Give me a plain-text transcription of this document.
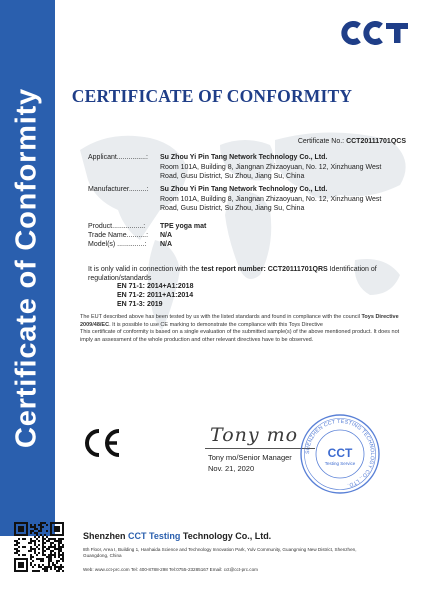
Certificate of Conformity	CERTIFICATE OF CONFORMITY
Certificate No.: CCT20111701QCS
Applicant...............:	Su Zhou Yi Pin Tang Network Technology Co., Ltd.
Room 101A, Building 8, Jiangnan Zhizaoyuan, No. 12, Xinzhuang West
Road, Gusu District, Su Zhou, Jiang Su, China
Manufacturer.........:	Su Zhou Yi Pin Tang Network Technology Co., Ltd.
Room 101A, Building 8, Jiangnan Zhizaoyuan, No. 12, Xinzhuang West
Road, Gusu District, Su Zhou, Jiang Su, China
Product................:	TPE yoga mat
Trade Name..........:	N/A
Model(s) ..............:	N/A
It is only valid in connection with the test report number: CCT20111701QRS Identification of regulation/standards
EN 71-1: 2014+A1:2018
EN 71-2: 2011+A1:2014
EN 71-3: 2019
The EUT described above has been tested by us with the listed standards and found in compliance with the council Toys Directive 2009/48/EC. It is possible to use CE marking to demonstrate the compliance with this Toys Directive
This certificate of conformity is based on a single evaluation of the submitted sample(s) of the above mentioned product. It does not imply an assessment of the whole production and other relevant directives have to be observed.
Tony mo
Tony mo/Senior Manager
Nov. 21, 2020
SHENZHEN CCT TESTING TECHNOLOGY CO., LTD.
CCT
Testing Service
Shenzhen CCT Testing Technology Co., Ltd.
8th Floor, Area I, Building 1, Hanhaida Science and Technology Innovation Park, Yulv Community, Guangming New District, Shenzhen, Guangdong, China
Web: www.cct-prc.com Tel: 400-8788-298 Tel:0755-23285167 Email: cct@cct-prc.com
